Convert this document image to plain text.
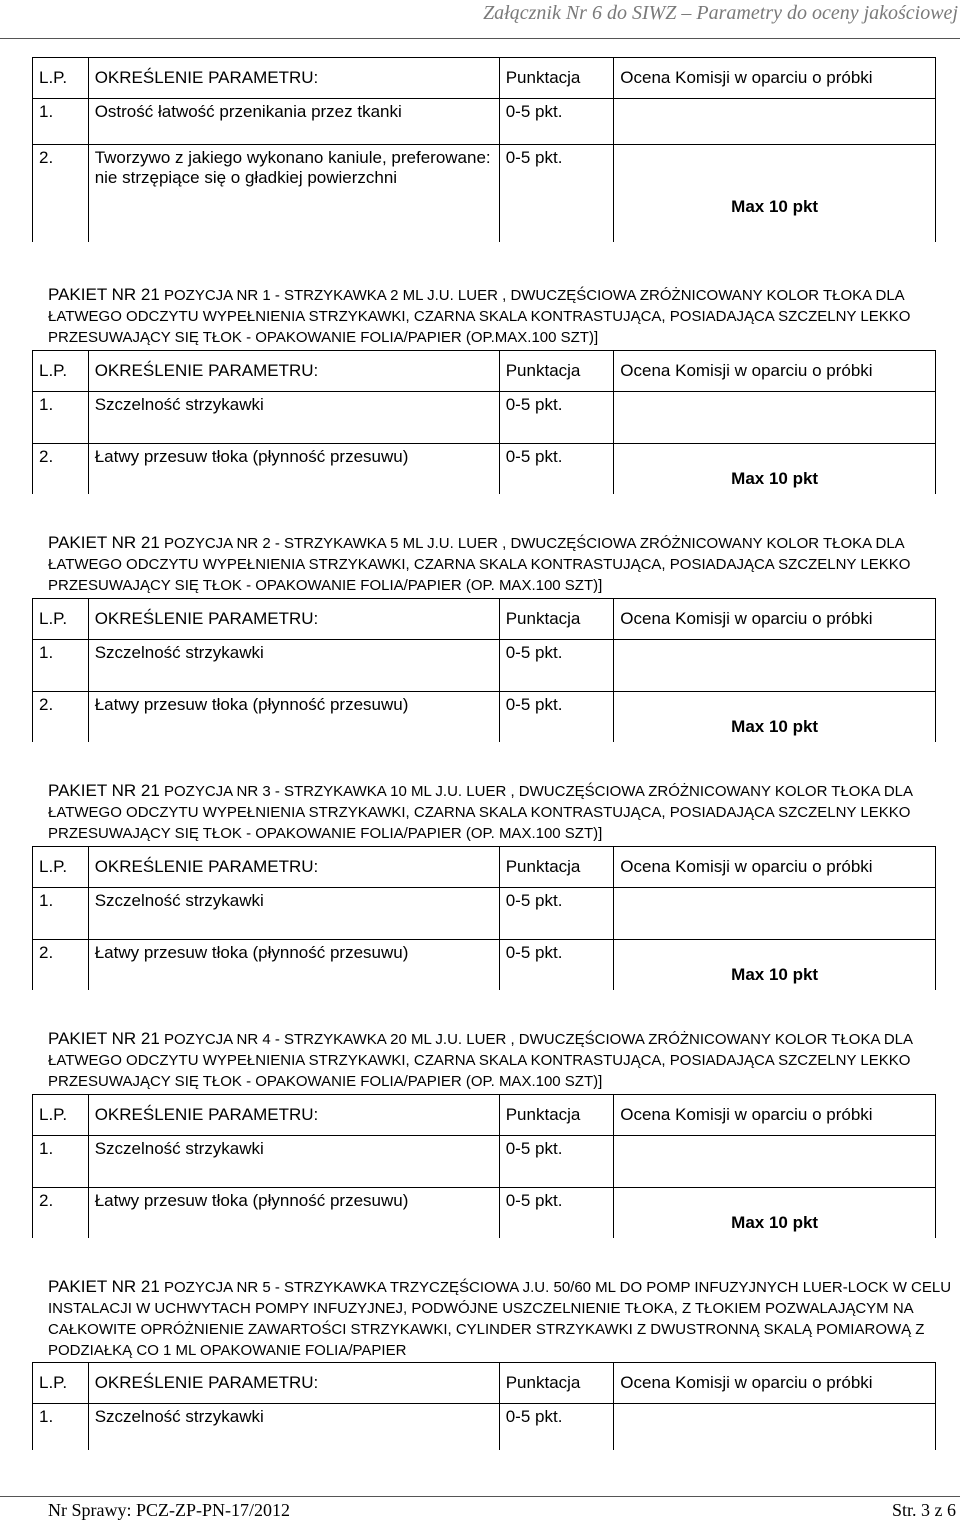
Załącznik Nr 6 do SIWZ – Parametry do oceny jakościowej
L.P.	OKREŚLENIE PARAMETRU:	Punktacja	Ocena Komisji w oparciu o próbki
1.	Ostrość łatwość przenikania przez tkanki	0-5 pkt.	
2.	Tworzywo z jakiego wykonano kaniule, preferowane: nie strzępiące się o gładkiej powierzchni	0-5 pkt.	Max 10 pkt
PAKIET NR 21 POZYCJA NR 1 - STRZYKAWKA 2 ML J.U. LUER , DWUCZĘŚCIOWA ZRÓŻNICOWANY KOLOR TŁOKA DLA ŁATWEGO ODCZYTU WYPEŁNIENIA STRZYKAWKI, CZARNA SKALA KONTRASTUJĄCA, POSIADAJĄCA SZCZELNY LEKKO PRZESUWAJĄCY SIĘ TŁOK - OPAKOWANIE FOLIA/PAPIER (OP.MAX.100 SZT)]
L.P.	OKREŚLENIE PARAMETRU:	Punktacja	Ocena Komisji w oparciu o próbki
1.	Szczelność strzykawki	0-5 pkt.	
2.	Łatwy przesuw tłoka (płynność przesuwu)	0-5 pkt.	Max 10 pkt
PAKIET NR 21 POZYCJA NR 2 - STRZYKAWKA 5 ML J.U. LUER , DWUCZĘŚCIOWA ZRÓŻNICOWANY KOLOR TŁOKA DLA ŁATWEGO ODCZYTU WYPEŁNIENIA STRZYKAWKI, CZARNA SKALA KONTRASTUJĄCA, POSIADAJĄCA SZCZELNY LEKKO PRZESUWAJĄCY SIĘ TŁOK - OPAKOWANIE FOLIA/PAPIER (OP. MAX.100 SZT)]
L.P.	OKREŚLENIE PARAMETRU:	Punktacja	Ocena Komisji w oparciu o próbki
1.	Szczelność strzykawki	0-5 pkt.	
2.	Łatwy przesuw tłoka (płynność przesuwu)	0-5 pkt.	Max 10 pkt
PAKIET NR 21 POZYCJA NR 3 - STRZYKAWKA 10 ML J.U. LUER , DWUCZĘŚCIOWA ZRÓŻNICOWANY KOLOR TŁOKA DLA ŁATWEGO ODCZYTU WYPEŁNIENIA STRZYKAWKI, CZARNA SKALA KONTRASTUJĄCA, POSIADAJĄCA SZCZELNY LEKKO PRZESUWAJĄCY SIĘ TŁOK - OPAKOWANIE FOLIA/PAPIER (OP. MAX.100 SZT)]
L.P.	OKREŚLENIE PARAMETRU:	Punktacja	Ocena Komisji w oparciu o próbki
1.	Szczelność strzykawki	0-5 pkt.	
2.	Łatwy przesuw tłoka (płynność przesuwu)	0-5 pkt.	Max 10 pkt
PAKIET NR 21 POZYCJA NR 4 - STRZYKAWKA 20 ML J.U. LUER , DWUCZĘŚCIOWA ZRÓŻNICOWANY KOLOR TŁOKA DLA ŁATWEGO ODCZYTU WYPEŁNIENIA STRZYKAWKI, CZARNA SKALA KONTRASTUJĄCA, POSIADAJĄCA SZCZELNY LEKKO PRZESUWAJĄCY SIĘ TŁOK - OPAKOWANIE FOLIA/PAPIER (OP. MAX.100 SZT)]
L.P.	OKREŚLENIE PARAMETRU:	Punktacja	Ocena Komisji w oparciu o próbki
1.	Szczelność strzykawki	0-5 pkt.	
2.	Łatwy przesuw tłoka (płynność przesuwu)	0-5 pkt.	Max 10 pkt
PAKIET NR 21 POZYCJA NR 5 - STRZYKAWKA TRZYCZĘŚCIOWA J.U. 50/60 ML DO POMP INFUZYJNYCH LUER-LOCK W CELU INSTALACJI W UCHWYTACH POMPY INFUZYJNEJ, PODWÓJNE USZCZELNIENIE TŁOKA, Z TŁOKIEM POZWALAJĄCYM NA CAŁKOWITE OPRÓŻNIENIE ZAWARTOŚCI STRZYKAWKI, CYLINDER STRZYKAWKI Z DWUSTRONNĄ SKALĄ POMIAROWĄ Z PODZIAŁKĄ CO 1 ML OPAKOWANIE FOLIA/PAPIER
L.P.	OKREŚLENIE PARAMETRU:	Punktacja	Ocena Komisji w oparciu o próbki
1.	Szczelność strzykawki	0-5 pkt.	
Nr Sprawy: PCZ-ZP-PN-17/2012	Str. 3 z 6
